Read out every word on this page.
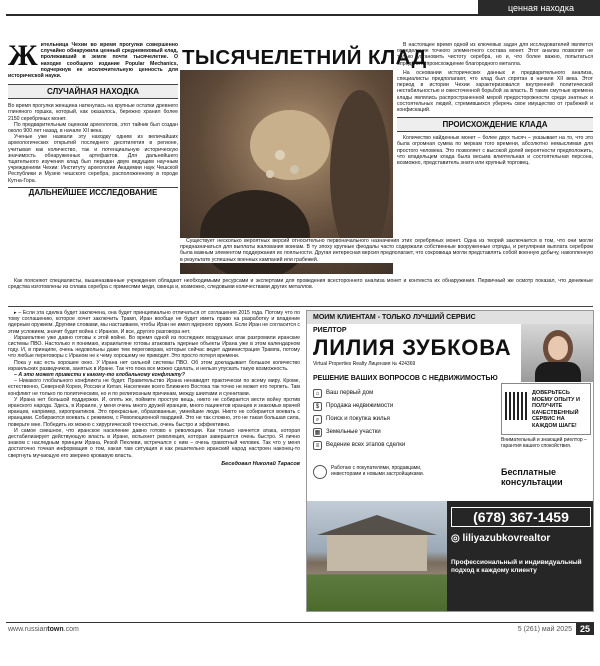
ценная находка
Жительница Чехии во время прогулки совершенно случайно обнаружила ценный средневековый клад, пролежавший в земле почти тысячелетие. О находке сообщило издание Popular Mechanics, подчеркнув ее исключительную ценность для исторической науки.
СЛУЧАЙНАЯ НАХОДКА
Во время прогулки женщина наткнулась на крупные остатки древнего глиняного горшка, который, как оказалось, бережно хранил более 2150 серебряных монет.
По предварительным оценкам археологов, этот тайник был создан около 900 лет назад, в начале XII века.
Ученые уже назвали эту находку одним из величайших археологических открытий последнего десятилетия в регионе, учитывая как количество, так и потенциальную историческую значимость обнаруженных артефактов. Для дальнейшего тщательного изучения клад был передан двум ведущим научным учреждениям Чехии: Институту археологии Академии наук Чешской Республики и Музею чешского серебра, расположенному в городе Кутна-Гора.
ДАЛЬНЕЙШЕЕ ИССЛЕДОВАНИЕ
ТЫСЯЧЕЛЕТНИЙ КЛАД
В настоящее время одной из ключевых задач для исследователей является определение точного элементного состава монет. Этот анализ позволит не только установить чистоту серебра, но и, что более важно, попытаться определить происхождение благородного металла.
На основании исторических данных и предварительного анализа, специалисты предполагают, что клад был спрятан в начале XII века. Этот период в истории Чехии характеризовался внутренней политической нестабильностью и ожесточенной борьбой за власть. В такие смутные времена клады являлись распространенной мерой предосторожности среди знатных и состоятельных людей, стремившихся уберечь свое имущество от грабежей и конфискаций.
ПРОИСХОЖДЕНИЕ КЛАДА
Количество найденных монет – более двух тысяч – указывает на то, что это была огромная сумма по меркам того времени, абсолютно немыслимая для простого человека. Это позволяет с высокой долей вероятности предположить, что владельцем клада была весьма влиятельная и состоятельная персона, возможно, представитель знати или крупный торговец.
Как поясняют специалисты, вышеназванные учреждения обладают необходимыми ресурсами и экспертами для проведения всестороннего анализа монет и контекста их обнаружения. Первичный же осмотр показал, что денежные средства изготовлены из сплава серебра с примесями меди, свинца и, возможно, следовыми количествами других металлов.
▸ – Если эта сделка будет заключена, она будет принципиально отличаться от соглашения 2015 года. Потому что по тому соглашению, которое хочет заключить Трамп, Иран вообще не будет иметь право на разработку и владение ядерным оружием. Другими словами, мы настаиваем, чтобы Иран не имел ядерного оружия. Если Иран не согласится с этим условием, значит будет война с Ираном. И все, другого разговора нет.
Израильтяне уже давно готовы к этой войне. Во время одной из последних воздушных атак разгромили иранские системы ПВО. Настолько я понимаю, израильтяне готовы атаковать ядерные объекты Ирана уже в этом календарном году. И, в принципе, очень недовольны даже тем переговорам, которые сейчас ведет администрация Трампа, потому что любые переговоры с Ираном не к чему хорошему не приводят. Это просто потеря времени.
Пока у нас есть хорошее окно. У Ирана нет сильной системы ПВО. Об этом докладывает большое количество израильских разведчиков, занятых в Иране. Так что пока все можно сделать, и нельзя упускать такую возможность.
– А это может привести к какому-то глобальному конфликту?
– Никакого глобального конфликта не будет. Правительство Ирана ненавидят практически по всему миру. Кроме, естественно, Северной Кореи, России и Китая. Население всего Ближнего Востока так точно не может его терпеть. Там конфликт не только по политическим, но и по религиозным причинам, между шиитами и суннитами.
У Ирана нет большой поддержки. И, опять же, поймите простую вещь, никто не собирается вести войну против иранского народа. Здесь, в Израиле, у меня очень много друзей иранцев, много пациентов иранцев и знакомых врачей иранцев, например, хиропрактиков. Это прекрасные, образованные, умнейшие люди. Никто не собирается воевать с иранцами. Собираются воевать с режимом, с Революционной гвардией. Это не так сложно, это не такая большая сила, поверьте мне. Победить их можно с хирургической точностью, очень быстро и эффективно.
И самое смешное, что иранское население давно готово к революции. Как только начнется атака, которая дестабилизирует действующую власть в Иране, вспыхнет революция, которая завершится очень быстро. Я лично знаком с наследным принцем Ирана, Резой Пехлеви, встречался с ним – очень грамотный человек. Так что у меня достаточно точная информация о том, какая там ситуация и как решительно иранский народ настроен наконец-то свергнуть мучающую его зверино кровавую власть.
Беседовал Николай Тарасов
МОИМ КЛИЕНТАМ - ТОЛЬКО ЛУЧШИЙ СЕРВИС
РИЕЛТОР
ЛИЛИЯ ЗУБКОВА
Virtual Properties Realty Лицензия № 424369
РЕШЕНИЕ ВАШИХ ВОПРОСОВ С НЕДВИЖИМОСТЬЮ
⌂	Ваш первый дом
$	Продажа недвижимости
⌕	Поиск и покупка жилья
▦ Земельные участки
≡	Ведение всех этапов сделки
ДОВЕРЬТЕСЬ МОЕМУ ОПЫТУ И ПОЛУЧИТЕ КАЧЕСТВЕННЫЙ СЕРВИС НА КАЖДОМ ШАГЕ!
Внимательный и знающий риелтор – гарантия вашего спокойствия.
Работаю с покупателями, продавцами, инвесторами и новыми застройщиками.	Бесплатные консультации
(678) 367-1459
◎ liliyazubkovrealtor
Профессиональный и индивидуальный подход к каждому клиенту
www.russiantown.com	5 (261) май 2025 25
Существует несколько вероятных версий относительно первоначального назначения этих серебряных монет. Одна из теорий заключается в том, что они могли предназначаться для выплаты жалования воинам. В ту эпоху крупные феодалы часто содержали собственные вооруженные отряды, и регулярная выплата серебром была важным элементом поддержания их лояльности. Другая интересная версия предполагает, что сокровища могли представлять собой военную добычу, накопленную в результате успешных военных кампаний или грабежей.
